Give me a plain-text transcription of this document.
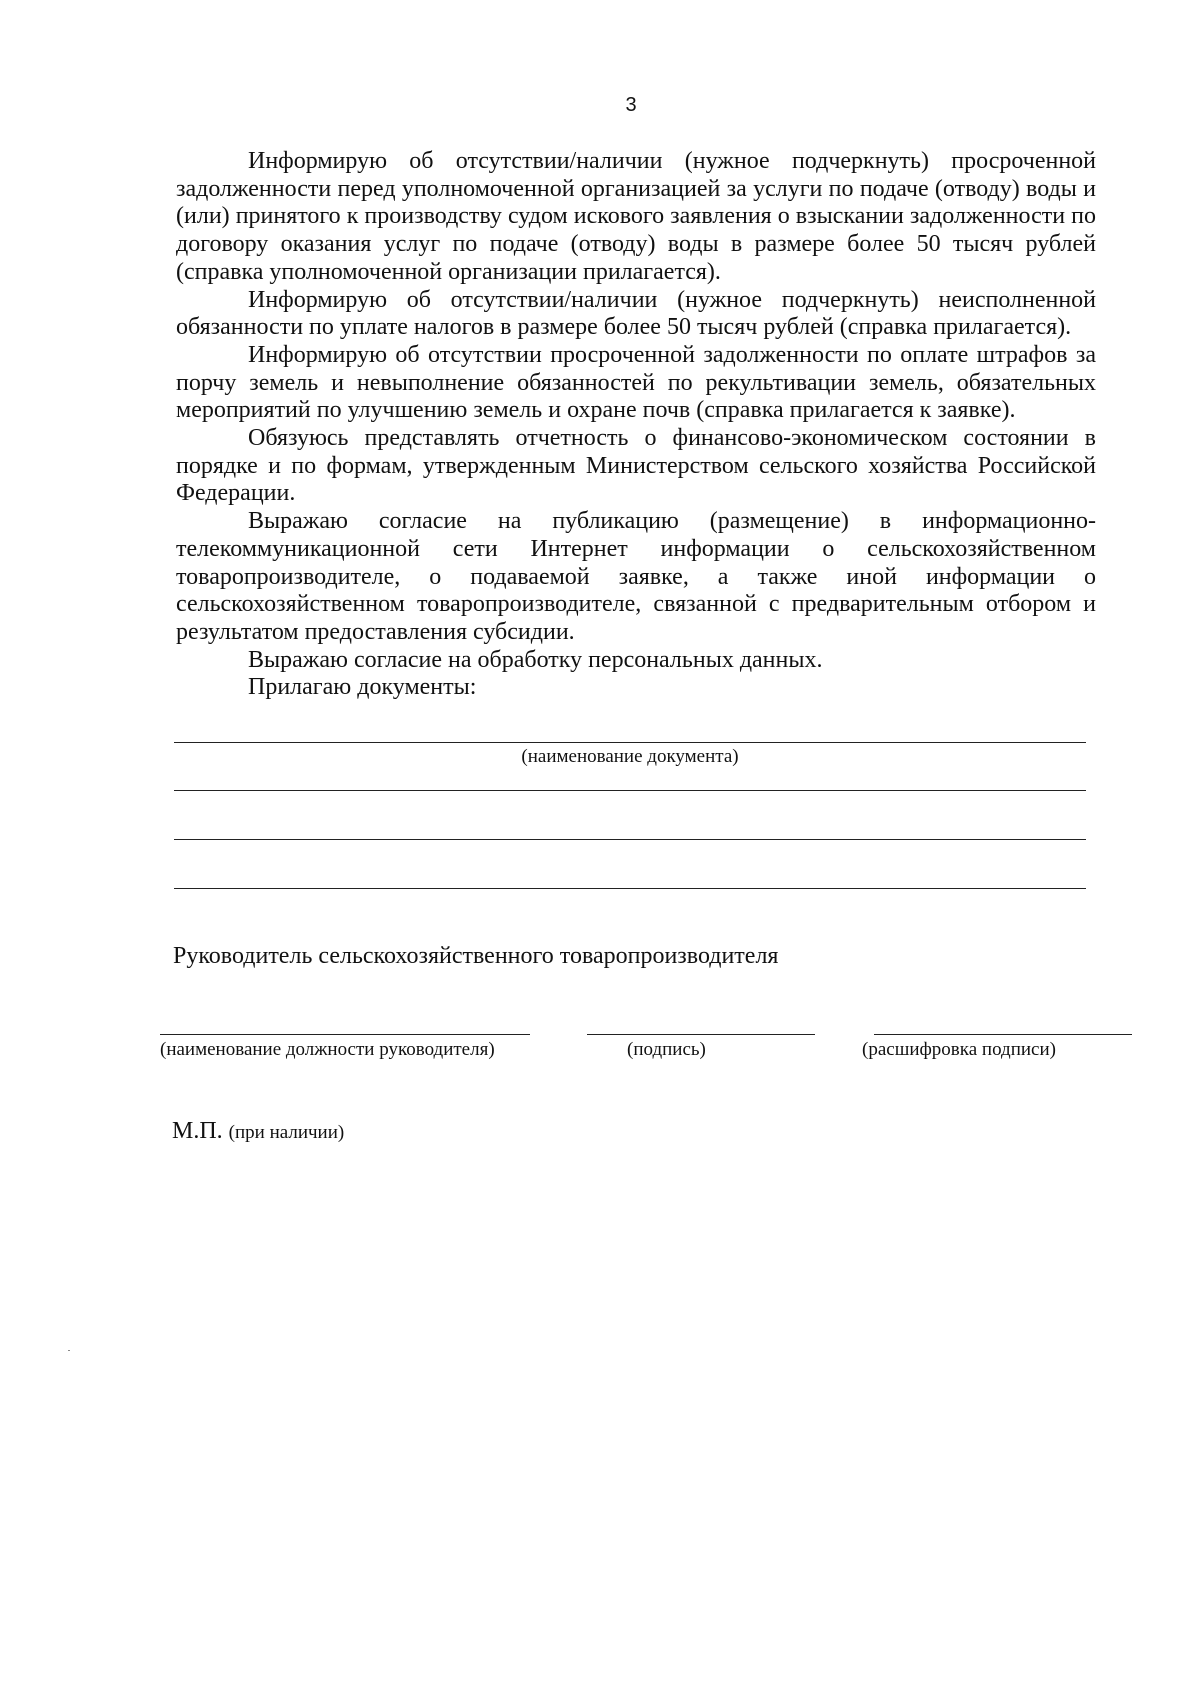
3

Информирую об отсутствии/наличии (нужное подчеркнуть) просроченной задолженности перед уполномоченной организацией за услуги по подаче (отводу) воды и (или) принятого к производству судом искового заявления о взыскании задолженности по договору оказания услуг по подаче (отводу) воды в размере более 50 тысяч рублей (справка уполномоченной организации прилагается).

Информирую об отсутствии/наличии (нужное подчеркнуть) неисполненной обязанности по уплате налогов в размере более 50 тысяч рублей (справка прилагается).

Информирую об отсутствии просроченной задолженности по оплате штрафов за порчу земель и невыполнение обязанностей по рекультивации земель, обязательных мероприятий по улучшению земель и охране почв (справка прилагается к заявке).

Обязуюсь представлять отчетность о финансово-экономическом состоянии в порядке и по формам, утвержденным Министерством сельского хозяйства Российской Федерации.

Выражаю согласие на публикацию (размещение) в информационно-телекоммуникационной сети Интернет информации о сельскохозяйственном товаропроизводителе, о подаваемой заявке, а также иной информации о сельскохозяйственном товаропроизводителе, связанной с предварительным отбором и результатом предоставления субсидии.

Выражаю согласие на обработку персональных данных.

Прилагаю документы:

(наименование документа)
Руководитель сельскохозяйственного товаропроизводителя
(наименование должности руководителя)	(подпись)	(расшифровка подписи)
М.П. (при наличии)
